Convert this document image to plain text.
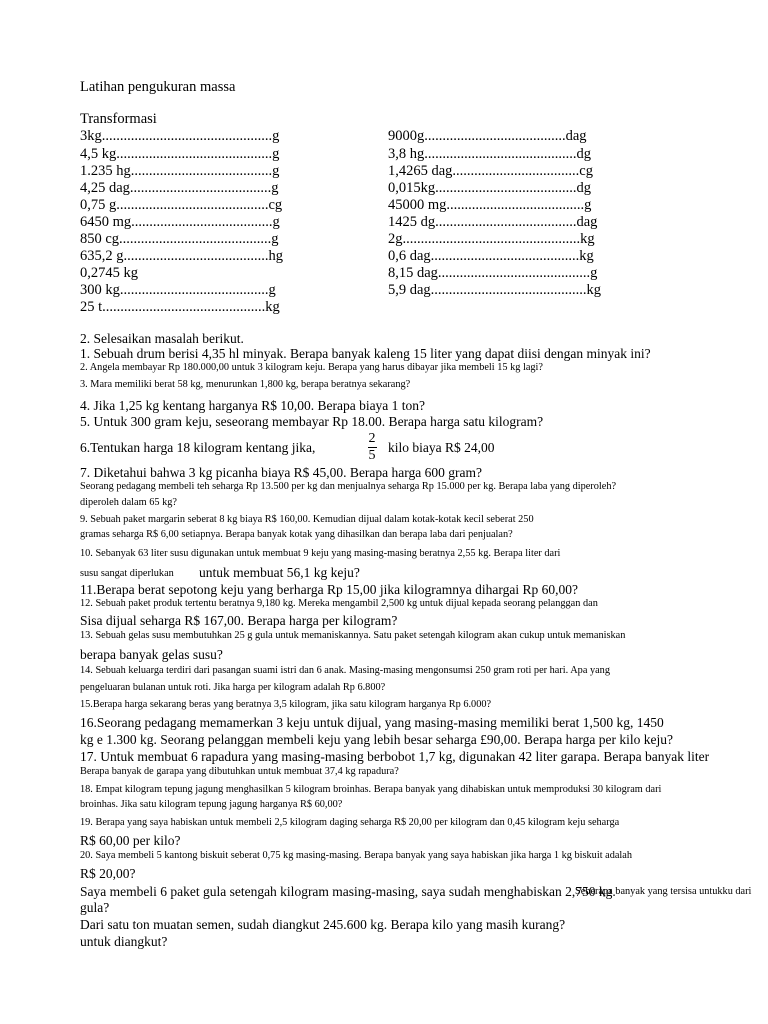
Latihan pengukuran massa
Transformasi
3kg...............................................g
4,5 kg...........................................g
1.235 hg.......................................g
4,25 dag.......................................g
0,75 g..........................................cg
6450 mg.......................................g
850 cg..........................................g
635,2 g........................................hg
0,2745 kg
300 kg.........................................g
25 t.............................................kg
9000g.......................................dag
3,8 hg..........................................dg
1,4265 dag...................................cg
0,015kg.......................................dg
45000 mg......................................g
1425 dg.......................................dag
2g.................................................kg
0,6 dag.........................................kg
8,15 dag..........................................g
5,9 dag...........................................kg
2. Selesaikan masalah berikut.
1. Sebuah drum berisi 4,35 hl minyak. Berapa banyak kaleng 15 liter yang dapat diisi dengan minyak ini?
2. Angela membayar Rp 180.000,00 untuk 3 kilogram keju. Berapa yang harus dibayar jika membeli 15 kg lagi?
3. Mara memiliki berat 58 kg, menurunkan 1,800 kg, berapa beratnya sekarang?
4. Jika 1,25 kg kentang harganya R$ 10,00. Berapa biaya 1 ton?
5. Untuk 300 gram keju, seseorang membayar Rp 18.00. Berapa harga satu kilogram?
6.Tentukan harga 18 kilogram kentang jika,
2
5
kilo biaya R$ 24,00
7. Diketahui bahwa 3 kg picanha biaya R$ 45,00. Berapa harga 600 gram?
Seorang pedagang membeli teh seharga Rp 13.500 per kg dan menjualnya seharga Rp 15.000 per kg. Berapa laba yang diperoleh?
diperoleh dalam 65 kg?
9. Sebuah paket margarin seberat 8 kg biaya R$ 160,00. Kemudian dijual dalam kotak-kotak kecil seberat 250
gramas seharga R$ 6,00 setiapnya. Berapa banyak kotak yang dihasilkan dan berapa laba dari penjualan?
10. Sebanyak 63 liter susu digunakan untuk membuat 9 keju yang masing-masing beratnya 2,55 kg. Berapa liter dari
susu sangat diperlukan untuk membuat 56,1 kg keju?
11.Berapa berat sepotong keju yang berharga Rp 15,00 jika kilogramnya dihargai Rp 60,00?
12. Sebuah paket produk tertentu beratnya 9,180 kg. Mereka mengambil 2,500 kg untuk dijual kepada seorang pelanggan dan
Sisa dijual seharga R$ 167,00. Berapa harga per kilogram?
13. Sebuah gelas susu membutuhkan 25 g gula untuk memaniskannya. Satu paket setengah kilogram akan cukup untuk memaniskan
berapa banyak gelas susu?
14. Sebuah keluarga terdiri dari pasangan suami istri dan 6 anak. Masing-masing mengonsumsi 250 gram roti per hari. Apa yang
pengeluaran bulanan untuk roti. Jika harga per kilogram adalah Rp 6.800?
15.Berapa harga sekarang beras yang beratnya 3,5 kilogram, jika satu kilogram harganya Rp 6.000?
16.Seorang pedagang memamerkan 3 keju untuk dijual, yang masing-masing memiliki berat 1,500 kg, 1450
kg e 1.300 kg. Seorang pelanggan membeli keju yang lebih besar seharga £90,00. Berapa harga per kilo keju?
17. Untuk membuat 6 rapadura yang masing-masing berbobot 1,7 kg, digunakan 42 liter garapa. Berapa banyak liter
Berapa banyak de garapa yang dibutuhkan untuk membuat 37,4 kg rapadura?
18. Empat kilogram tepung jagung menghasilkan 5 kilogram broinhas. Berapa banyak yang dihabiskan untuk memproduksi 30 kilogram dari
broinhas. Jika satu kilogram tepung jagung harganya R$ 60,00?
19. Berapa yang saya habiskan untuk membeli 2,5 kilogram daging seharga R$ 20,00 per kilogram dan 0,45 kilogram keju seharga
R$ 60,00 per kilo?
20. Saya membeli 5 kantong biskuit seberat 0,75 kg masing-masing. Berapa banyak yang saya habiskan jika harga 1 kg biskuit adalah
R$ 20,00?
Saya membeli 6 paket gula setengah kilogram masing-masing, saya sudah menghabiskan 2,750 kg.
Seberapa banyak yang tersisa untukku dari
gula?
Dari satu ton muatan semen, sudah diangkut 245.600 kg. Berapa kilo yang masih kurang?
untuk diangkut?
